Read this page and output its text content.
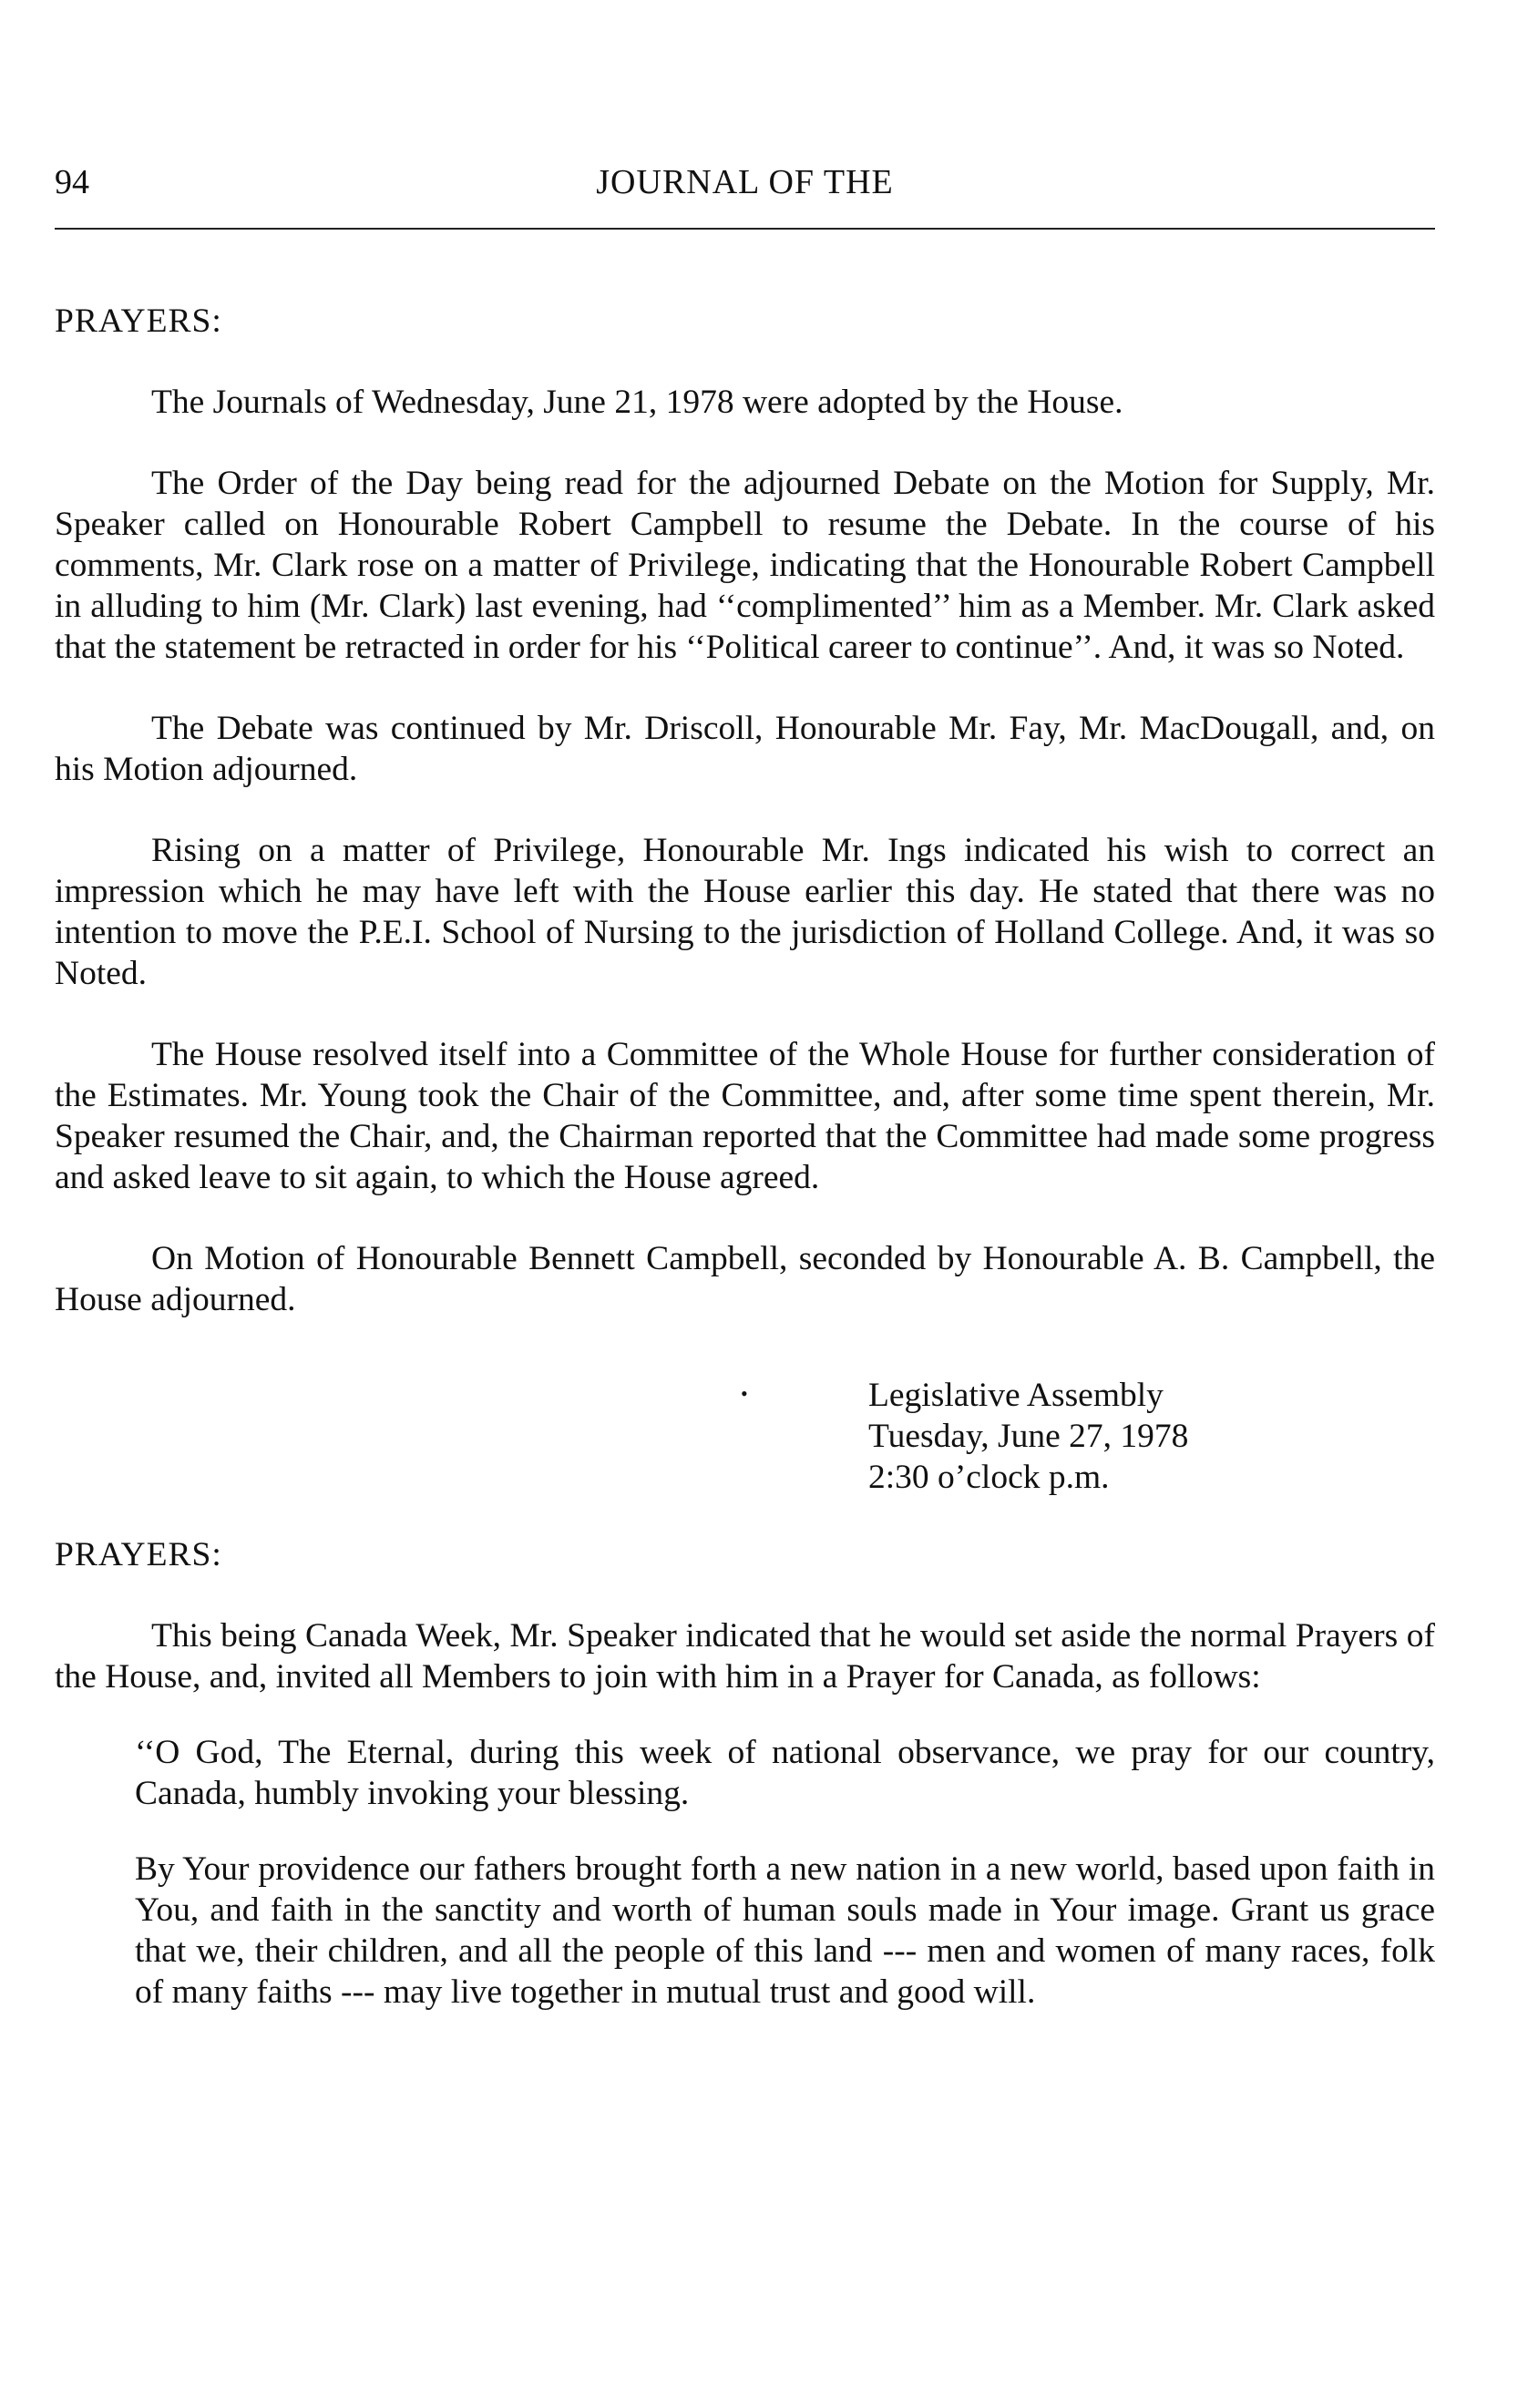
94	JOURNAL OF THE

PRAYERS:

The Journals of Wednesday, June 21, 1978 were adopted by the House.

The Order of the Day being read for the adjourned Debate on the Motion for Supply, Mr. Speaker called on Honourable Robert Campbell to resume the Debate. In the course of his comments, Mr. Clark rose on a matter of Privilege, indicating that the Honourable Robert Campbell in alluding to him (Mr. Clark) last evening, had ‘‘complimented’’ him as a Member. Mr. Clark asked that the statement be retracted in order for his ‘‘Political career to continue’’. And, it was so Noted.

The Debate was continued by Mr. Driscoll, Honourable Mr. Fay, Mr. MacDougall, and, on his Motion adjourned.

Rising on a matter of Privilege, Honourable Mr. Ings indicated his wish to correct an impression which he may have left with the House earlier this day. He stated that there was no intention to move the P.E.I. School of Nursing to the jurisdiction of Holland College. And, it was so Noted.

The House resolved itself into a Committee of the Whole House for further consideration of the Estimates. Mr. Young took the Chair of the Committee, and, after some time spent therein, Mr. Speaker resumed the Chair, and, the Chairman reported that the Committee had made some progress and asked leave to sit again, to which the House agreed.

On Motion of Honourable Bennett Campbell, seconded by Honourable A. B. Campbell, the House adjourned.

•	Legislative Assembly
Tuesday, June 27, 1978
2:30 o’clock p.m.

PRAYERS:

This being Canada Week, Mr. Speaker indicated that he would set aside the normal Prayers of the House, and, invited all Members to join with him in a Prayer for Canada, as follows:

‘‘O God, The Eternal, during this week of national observance, we pray for our country, Canada, humbly invoking your blessing.

By Your providence our fathers brought forth a new nation in a new world, based upon faith in You, and faith in the sanctity and worth of human souls made in Your image. Grant us grace that we, their children, and all the people of this land --- men and women of many races, folk of many faiths --- may live together in mutual trust and good will.
